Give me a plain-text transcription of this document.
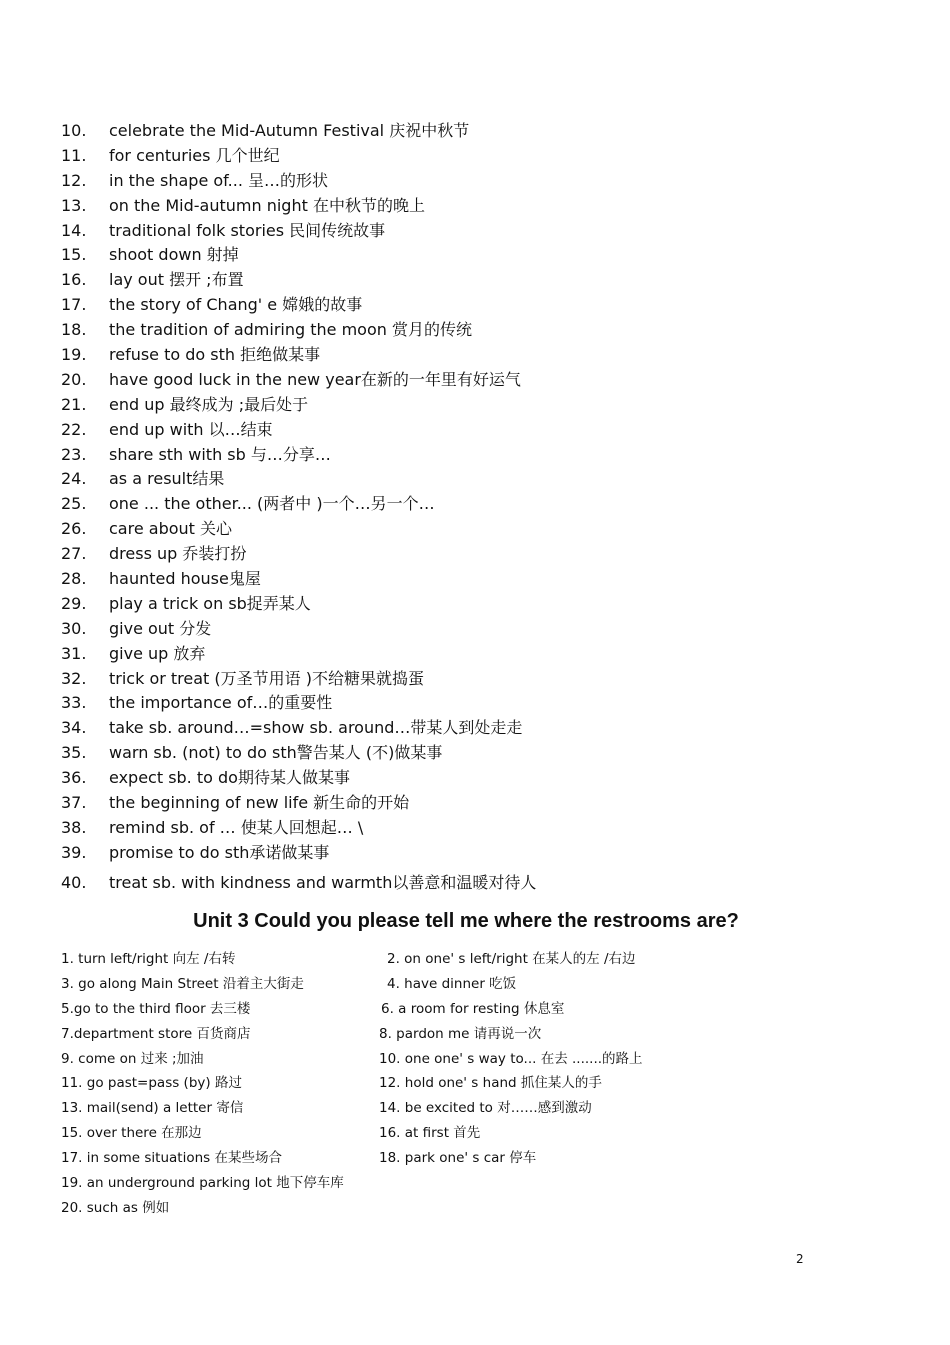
10. celebrate the Mid-Autumn Festival 庆祝中秋节
11. for centuries 几个世纪
12. in the shape of... 呈…的形状
13. on the Mid-autumn night 在中秋节的晚上
14. traditional folk stories 民间传统故事
15. shoot down 射掉
16. lay out 摆开 ;布置
17. the story of Chang' e 嫦娥的故事
18. the tradition of admiring the moon 赏月的传统
19. refuse to do sth 拒绝做某事
20. have good luck in the new year在新的一年里有好运气
21. end up 最终成为 ;最后处于
22. end up with 以…结束
23. share sth with sb 与…分享…
24. as a result结果
25. one ... the other... (两者中 )一个…另一个…
26. care about 关心
27. dress up 乔装打扮
28. haunted house鬼屋
29. play a trick on sb捉弄某人
30. give out 分发
31. give up 放弃
32. trick or treat (万圣节用语 )不给糖果就捣蛋
33. the importance of…的重要性
34. take sb. around…=show sb. around…带某人到处走走
35. warn sb. (not) to do sth警告某人 (不)做某事
36. expect sb. to do期待某人做某事
37. the beginning of new life 新生命的开始
38. remind sb. of … 使某人回想起… \
39. promise to do sth承诺做某事
40. treat sb. with kindness and warmth以善意和温暖对待人
Unit 3 Could you please tell me where the restrooms are?
1. turn left/right 向左 /右转	2. on one' s left/right 在某人的左 /右边
3. go along Main Street 沿着主大街走	4. have dinner 吃饭
5.go to the third floor 去三楼	6. a room for resting 休息室
7.department store 百货商店	8. pardon me 请再说一次
9. come on 过来 ;加油	10. one one' s way to... 在去 .......的路上
11. go past=pass (by) 路过	12. hold one' s hand 抓住某人的手
13. mail(send) a letter 寄信	14. be excited to 对……感到激动
15. over there 在那边	16. at first 首先
17. in some situations 在某些场合	18. park one' s car 停车
19. an underground parking lot 地下停车库
20. such as 例如
2
